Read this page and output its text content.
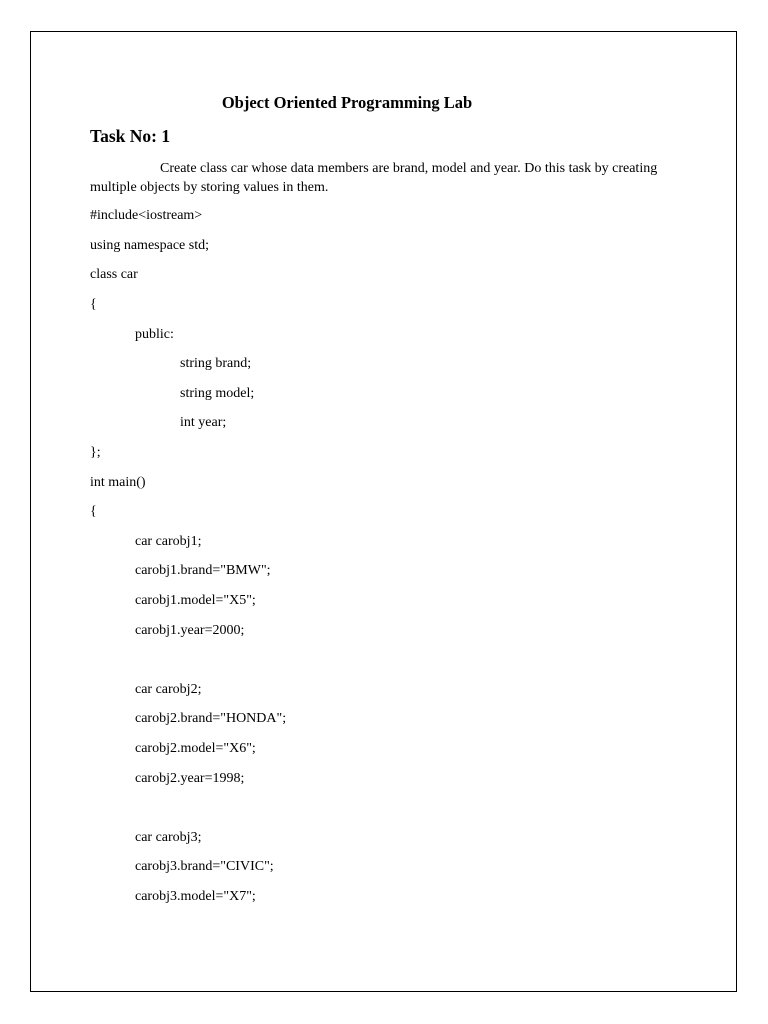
Object Oriented Programming Lab
Task No: 1
Create class car whose data members are brand, model and year. Do this task by creating multiple objects by storing values in them.
#include<iostream>
using namespace std;
class car
{
public:
string brand;
string model;
int year;
};
int main()
{
car carobj1;
carobj1.brand="BMW";
carobj1.model="X5";
carobj1.year=2000;
car carobj2;
carobj2.brand="HONDA";
carobj2.model="X6";
carobj2.year=1998;
car carobj3;
carobj3.brand="CIVIC";
carobj3.model="X7";
